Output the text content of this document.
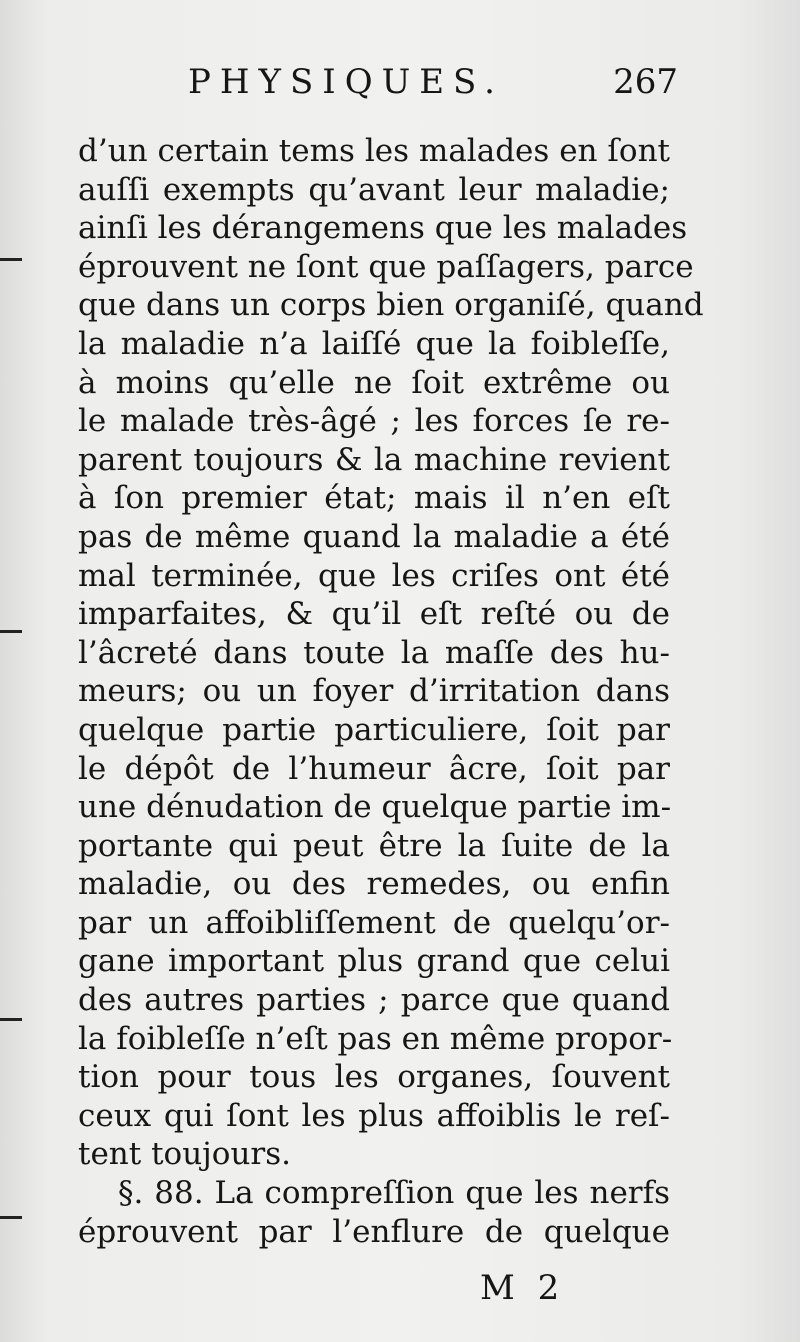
PHYSIQUES.	267
d’un certain tems les malades en ſont
auſſi exempts qu’avant leur maladie;
ainſi les dérangemens que les malades
éprouvent ne ſont que paſſagers, parce
que dans un corps bien organiſé, quand
la maladie n’a laiſſé que la foibleſſe,
à moins qu’elle ne ſoit extrême ou
le malade très-âgé ; les forces ſe re-
parent toujours & la machine revient
à ſon premier état; mais il n’en eſt
pas de même quand la maladie a été
mal terminée, que les criſes ont été
imparfaites, & qu’il eſt reſté ou de
l’âcreté dans toute la maſſe des hu-
meurs; ou un foyer d’irritation dans
quelque partie particuliere, ſoit par
le dépôt de l’humeur âcre, ſoit par
une dénudation de quelque partie im-
portante qui peut être la ſuite de la
maladie, ou des remedes, ou enfin
par un affoibliſſement de quelqu’or-
gane important plus grand que celui
des autres parties ; parce que quand
la foibleſſe n’eſt pas en même propor-
tion pour tous les organes, ſouvent
ceux qui ſont les plus affoiblis le reſ-
tent toujours.
§. 88. La compreſſion que les nerfs
éprouvent par l’enflure de quelque
M 2
